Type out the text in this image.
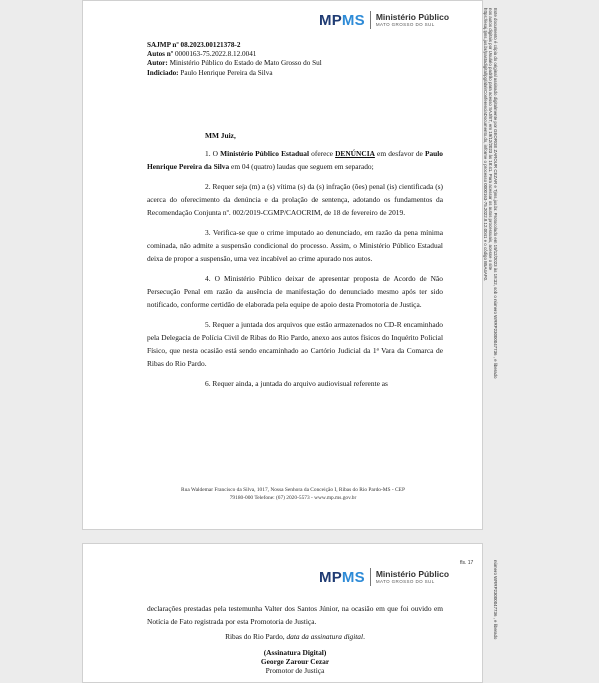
MPMS Ministério Público
MATO GROSSO DO SUL
SAJMP nº 08.2023.00121378-2
Autos nº 0000163-75.2022.8.12.0041
Autor: Ministério Público do Estado de Mato Grosso do Sul
Indiciado: Paulo Henrique Pereira da Silva

MM Juiz,

1. O Ministério Público Estadual oferece DENÚNCIA em desfavor de Paulo Henrique Pereira da Silva em 04 (quatro) laudas que seguem em separado;

2. Requer seja (m) a (s) vítima (s) da (s) infração (ões) penal (is) cientificada (s) acerca do oferecimento da denúncia e da prolação de sentença, adotando os fundamentos da Recomendação Conjunta nº. 002/2019-CGMP/CAOCRIM, de 18 de fevereiro de 2019.

3. Verifica-se que o crime imputado ao denunciado, em razão da pena mínima cominada, não admite a suspensão condicional do processo. Assim, o Ministério Público Estadual deixa de propor a suspensão, uma vez incabível ao crime apurado nos autos.

4. O Ministério Público deixar de apresentar proposta de Acordo de Não Persecução Penal em razão da ausência de manifestação do denunciado mesmo após ter sido notificado, conforme certidão de elaborada pela equipe de apoio desta Promotoria de Justiça.

5. Requer a juntada dos arquivos que estão armazenados no CD-R encaminhado pela Delegacia de Polícia Civil de Ribas do Rio Pardo, anexo aos autos físicos do Inquérito Policial Físico, que nesta ocasião está sendo encaminhado ao Cartório Judicial da 1ª Vara da Comarca de Ribas do Rio Pardo.

6. Requer ainda, a juntada do arquivo audiovisual referente as

Rua Waldemar Francisco da Silva, 1017, Nossa Senhora da Conceição I, Ribas do Rio Pardo-MS - CEP
79180-000 Telefone: (67) 2020-5573 - www.mp.ms.gov.br
Este documento é cópia do original assinado digitalmente por GEORGE ZAROUR CEZAR e Tjms.jus.br. Protocolado em 19/12/2023 às 18:32, sob o número WRRP23000047736 , e liberado
nos autos digitais por Usuário padrão para acesso SAJ/ET, em 19/12/2023 às 18:41. Para acessar os autos processuais, acesse o site
https://esaj.tjms.jus.br/pastadigital/pg/abrirConferenciaDocumento.do, informe o processo 0000163-75.2022.8.12.0041 e o código B5A4AF0.
MPMS Ministério Público
MATO GROSSO DO SUL
declarações prestadas pela testemunha Valter dos Santos Júnior, na ocasião em que foi ouvido em Notícia de Fato registrada por esta Promotoria de Justiça.
Ribas do Rio Pardo, data da assinatura digital.
(Assinatura Digital)
George Zarour Cezar
Promotor de Justiça
fls. 17	número WRRP23000047736 , e liberado
